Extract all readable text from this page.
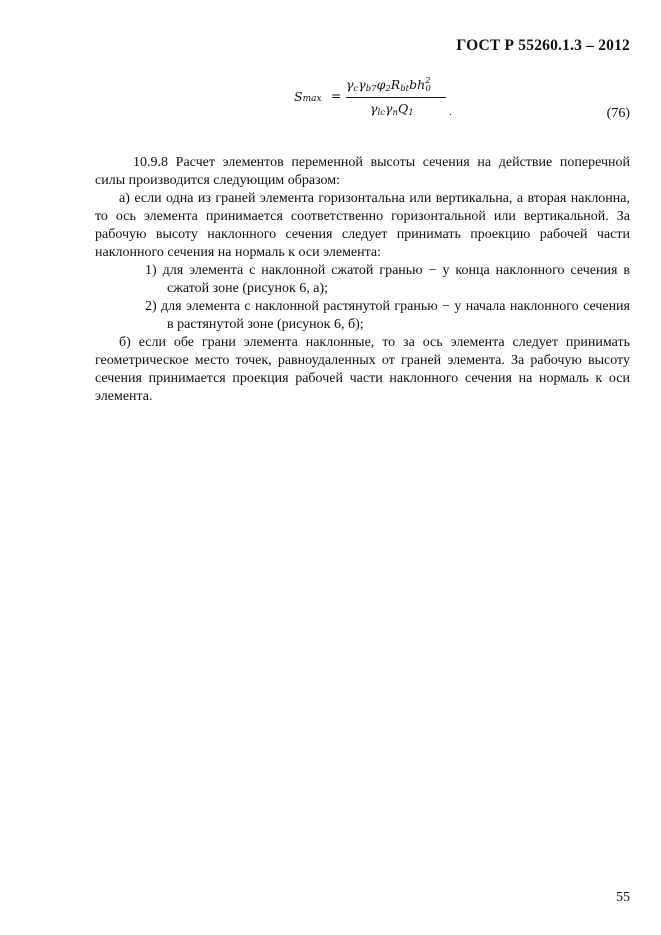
ГОСТ Р 55260.1.3 – 2012
Smax =
γcγb7φ2Rbtbh$^2$0
γlcγnQ1	.	(76)

10.9.8 Расчет элементов переменной высоты сечения на действие поперечной силы производится следующим образом:

а) если одна из граней элемента горизонтальна или вертикальна, а вторая наклонна, то ось элемента принимается соответственно горизонтальной или вертикальной. За рабочую высоту наклонного сечения следует принимать проекцию рабочей части наклонного сечения на нормаль к оси элемента:

1) для элемента с наклонной сжатой гранью − у конца наклонного сечения в сжатой зоне (рисунок 6, а);

2) для элемента с наклонной растянутой гранью − у начала наклонного сечения в растянутой зоне (рисунок 6, б);

б) если обе грани элемента наклонные, то за ось элемента следует принимать геометрическое место точек, равноудаленных от граней элемента. За рабочую высоту сечения принимается проекция рабочей части наклонного сечения на нормаль к оси элемента.

55
